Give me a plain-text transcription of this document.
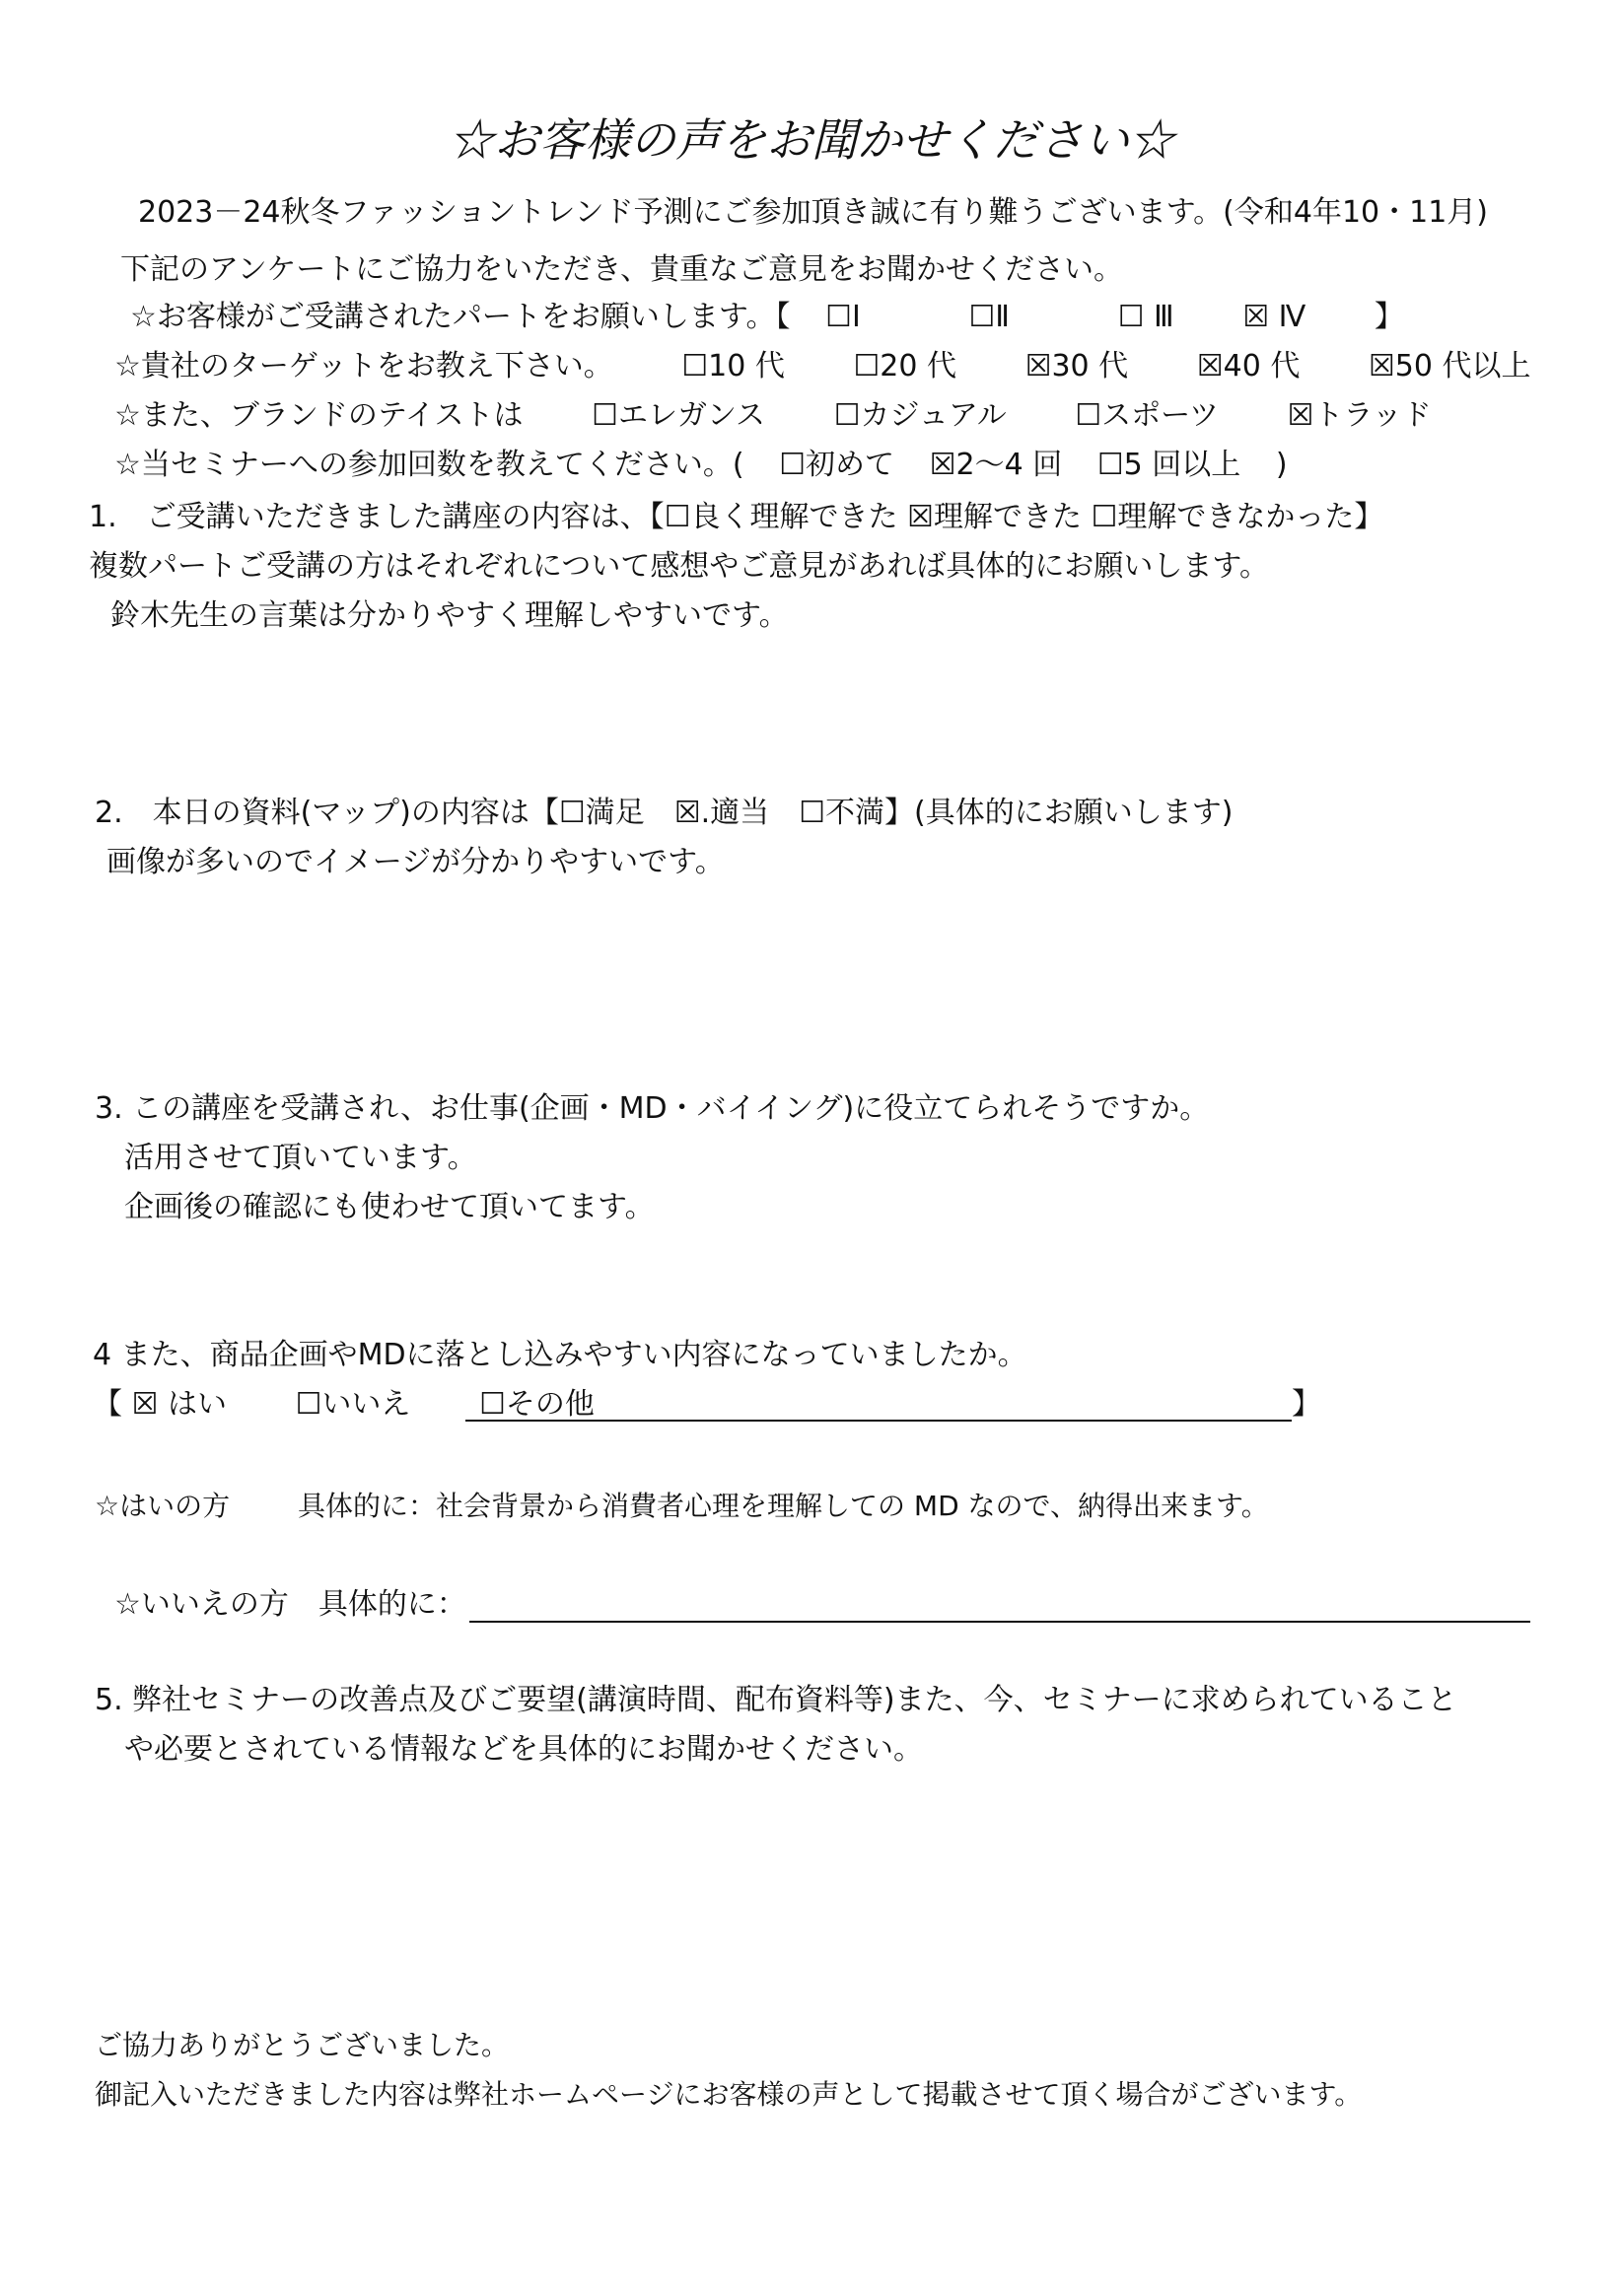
☆お客様の声をお聞かせください☆
2023－24秋冬ファッショントレンド予測にご参加頂き誠に有り難うございます。(令和4年10・11月)
下記のアンケートにご協力をいただき、貴重なご意見をお聞かせください。
☆お客様がご受講されたパートをお願いします。【 ☐Ⅰ	☐Ⅱ	☐ Ⅲ ☒ Ⅳ 】
☆貴社のターゲットをお教え下さい。 ☐10 代 ☐20 代 ☒30 代 ☒40 代 ☒50 代以上
☆また、ブランドのテイストは ☐エレガンス ☐カジュアル ☐スポーツ ☒トラッド
☆当セミナーへの参加回数を教えてください。( ☐初めて ☒2～4 回 ☐5 回以上 )
1.　ご受講いただきました講座の内容は、【☐良く理解できた ☒理解できた ☐理解できなかった】
複数パートご受講の方はそれぞれについて感想やご意見があれば具体的にお願いします。
鈴木先生の言葉は分かりやすく理解しやすいです。
2.　本日の資料(マップ)の内容は【☐満足　☒.適当　☐不満】(具体的にお願いします)
画像が多いのでイメージが分かりやすいです。
3. この講座を受講され、お仕事(企画・MD・バイイング)に役立てられそうですか。
活用させて頂いています。
企画後の確認にも使わせて頂いてます。
4 また、商品企画やMDに落とし込みやすい内容になっていましたか。
【 ☒ はい ☐いいえ ☐その他	】
☆はいの方 具体的に：社会背景から消費者心理を理解しての MD なので、納得出来ます。
☆いいえの方　具体的に：
5. 弊社セミナーの改善点及びご要望(講演時間、配布資料等)また、今、セミナーに求められていること
や必要とされている情報などを具体的にお聞かせください。
ご協力ありがとうございました。
御記入いただきました内容は弊社ホームページにお客様の声として掲載させて頂く場合がございます。
